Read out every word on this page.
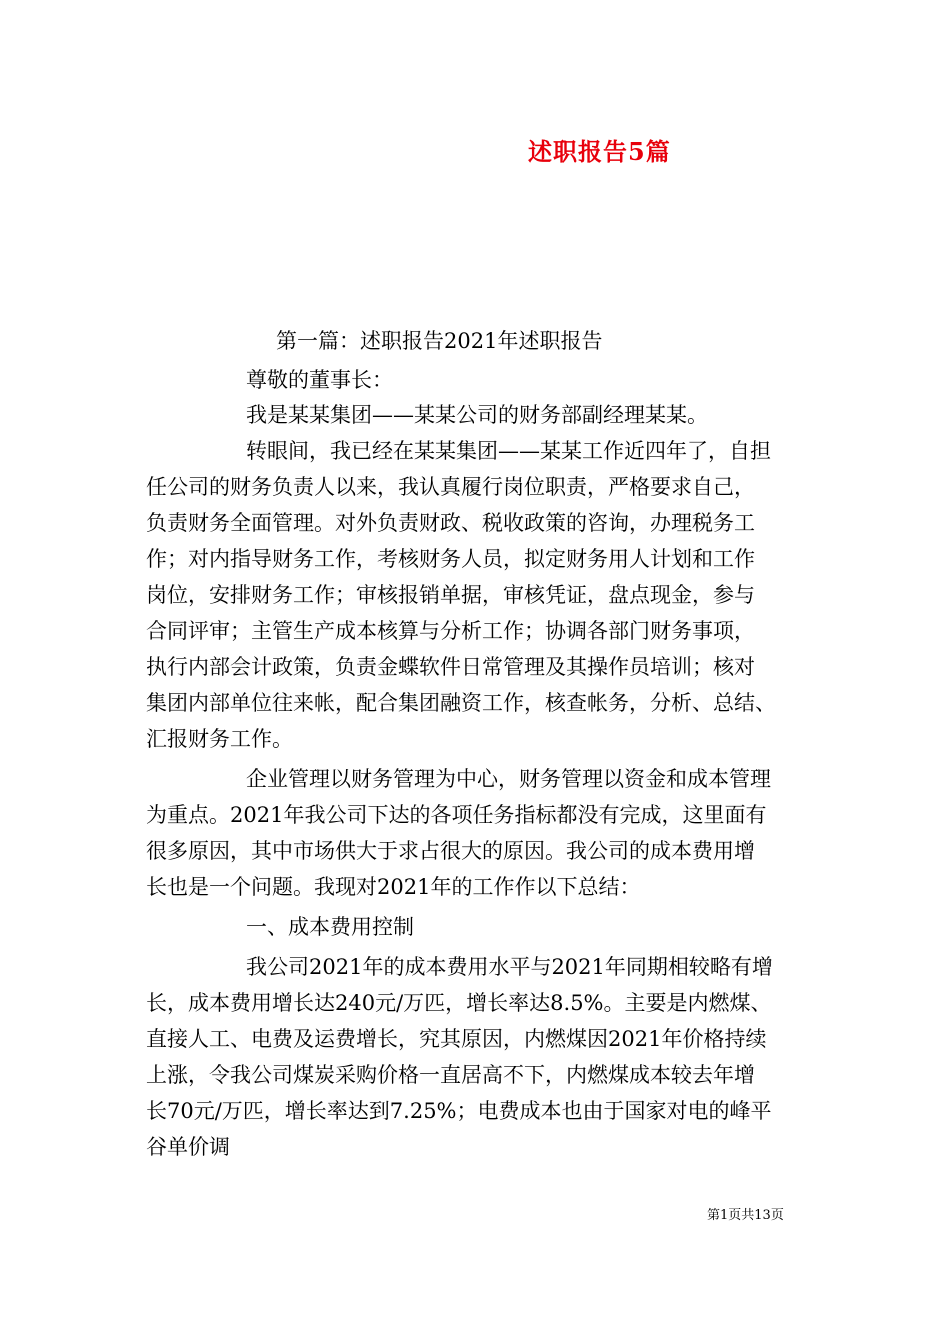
述职报告5篇
第一篇：述职报告2021年述职报告
尊敬的董事长：
我是某某集团——某某公司的财务部副经理某某。
转眼间，我已经在某某集团——某某工作近四年了，自担
任公司的财务负责人以来，我认真履行岗位职责，严格要求自己，
负责财务全面管理。对外负责财政、税收政策的咨询，办理税务工
作；对内指导财务工作，考核财务人员，拟定财务用人计划和工作
岗位，安排财务工作；审核报销单据，审核凭证，盘点现金，参与
合同评审；主管生产成本核算与分析工作；协调各部门财务事项，
执行内部会计政策，负责金蝶软件日常管理及其操作员培训；核对
集团内部单位往来帐，配合集团融资工作，核查帐务，分析、总结、
汇报财务工作。
企业管理以财务管理为中心，财务管理以资金和成本管理
为重点。2021年我公司下达的各项任务指标都没有完成，这里面有
很多原因，其中市场供大于求占很大的原因。我公司的成本费用增
长也是一个问题。我现对2021年的工作作以下总结：
一、成本费用控制
我公司2021年的成本费用水平与2021年同期相较略有增
长，成本费用增长达240元/万匹，增长率达8.5%。主要是内燃煤、
直接人工、电费及运费增长，究其原因，内燃煤因2021年价格持续
上涨，令我公司煤炭采购价格一直居高不下，内燃煤成本较去年增
长70元/万匹，增长率达到7.25%；电费成本也由于国家对电的峰平
谷单价调
第1页共13页
